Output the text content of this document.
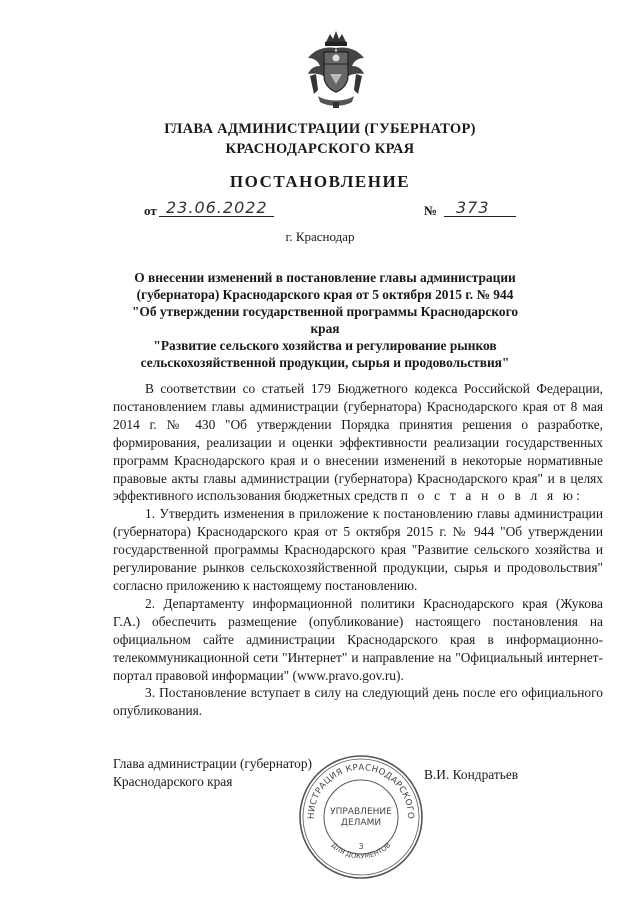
ГЛАВА АДМИНИСТРАЦИИ (ГУБЕРНАТОР)
КРАСНОДАРСКОГО КРАЯ
ПОСТАНОВЛЕНИЕ
от 23.06.2022	№ 373
г. Краснодар
О внесении изменений в постановление главы администрации
(губернатора) Краснодарского края от 5 октября 2015 г. № 944
"Об утверждении государственной программы Краснодарского края
"Развитие сельского хозяйства и регулирование рынков
сельскохозяйственной продукции, сырья и продовольствия"

В соответствии со статьей 179 Бюджетного кодекса Российской Федерации, постановлением главы администрации (губернатора) Краснодарского края от 8 мая 2014 г. № 430 "Об утверждении Порядка принятия решения о разработке, формирования, реализации и оценки эффективности реализации государственных программ Краснодарского края и о внесении изменений в некоторые нормативные правовые акты главы администрации (губернатора) Краснодарского края" и в целях эффективного использования бюджетных средств п о с т а н о в л я ю:

1. Утвердить изменения в приложение к постановлению главы администрации (губернатора) Краснодарского края от 5 октября 2015 г. № 944 "Об утверждении государственной программы Краснодарского края "Развитие сельского хозяйства и регулирование рынков сельскохозяйственной продукции, сырья и продовольствия" согласно приложению к настоящему постановлению.

2. Департаменту информационной политики Краснодарского края (Жукова Г.А.) обеспечить размещение (опубликование) настоящего постановления на официальном сайте администрации Краснодарского края в информационно-телекоммуникационной сети "Интернет" и направление на "Официальный интернет-портал правовой информации" (www.pravo.gov.ru).

3. Постановление вступает в силу на следующий день после его официального опубликования.

Глава администрации (губернатор)
Краснодарского края	В.И. Кондратьев
НИСТРАЦИЯ КРАСНОДАРСКОГО
ДЛЯ ДОКУМЕНТОВ
УПРАВЛЕНИЕ
ДЕЛАМИ
3
